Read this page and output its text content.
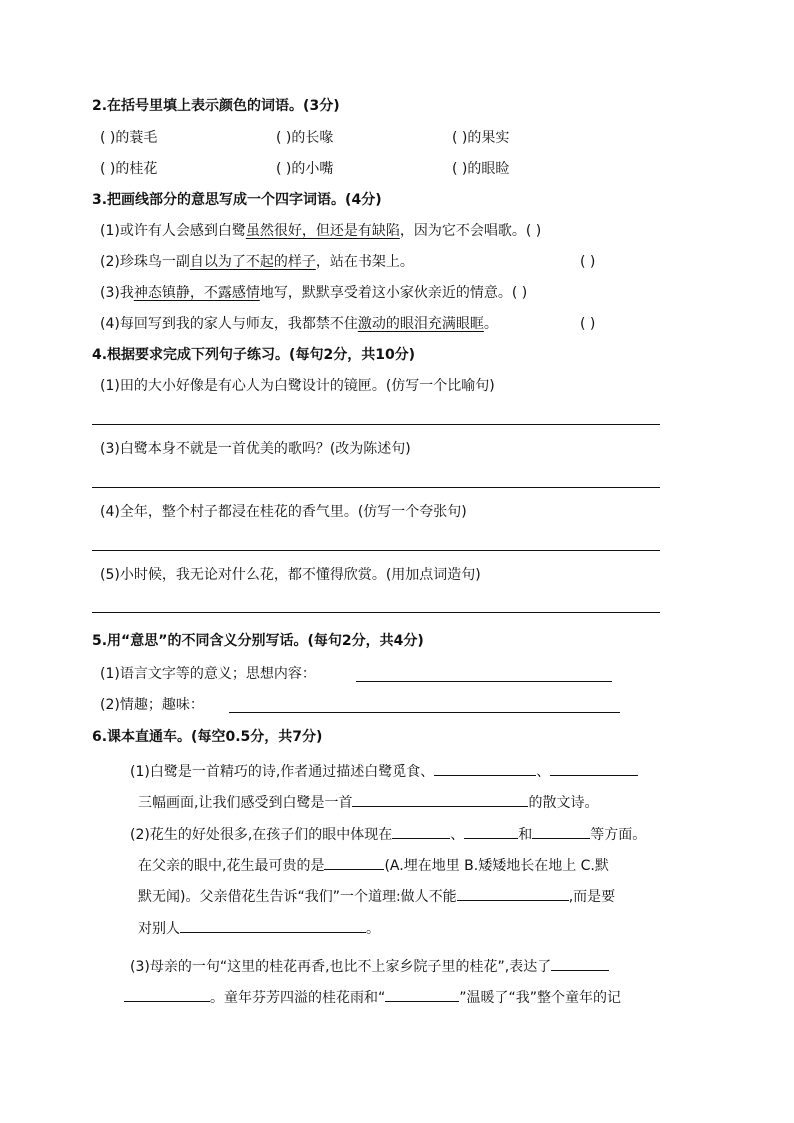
2.在括号里填上表示颜色的词语。(3分)
( )的蓑毛	( )的长喙	( )的果实
( )的桂花	( )的小嘴	( )的眼睑
3.把画线部分的意思写成一个四字词语。(4分)
(1)或许有人会感到白鹭虽然很好，但还是有缺陷，因为它不会唱歌。( )
(2)珍珠鸟一副自以为了不起的样子，站在书架上。	( )
(3)我神态镇静，不露感情地写，默默享受着这小家伙亲近的情意。( )
(4)每回写到我的家人与师友，我都禁不住激动的眼泪充满眼眶。	( )
4.根据要求完成下列句子练习。(每句2分，共10分)
(1)田的大小好像是有心人为白鹭设计的镜匣。(仿写一个比喻句)
(3)白鹭本身不就是一首优美的歌吗？(改为陈述句)
(4)全年，整个村子都浸在桂花的香气里。(仿写一个夸张句)
(5)小时候，我无论对什么花，都不懂得欣赏。(用加点词造句)
5.用“意思”的不同含义分别写话。(每句2分，共4分)
(1)语言文字等的意义；思想内容：
(2)情趣；趣味：
6.课本直通车。(每空0.5分，共7分)
(1)白鹭是一首精巧的诗,作者通过描述白鹭觅食、	、
三幅画面,让我们感受到白鹭是一首	的散文诗。
(2)花生的好处很多,在孩子们的眼中体现在	、	和	等方面。
在父亲的眼中,花生最可贵的是	(A.埋在地里 B.矮矮地长在地上 C.默
默无闻)。父亲借花生告诉“我们”一个道理:做人不能	,而是要
对别人	。
(3)母亲的一句“这里的桂花再香,也比不上家乡院子里的桂花”,表达了
。童年芬芳四溢的桂花雨和“	”温暖了“我”整个童年的记
